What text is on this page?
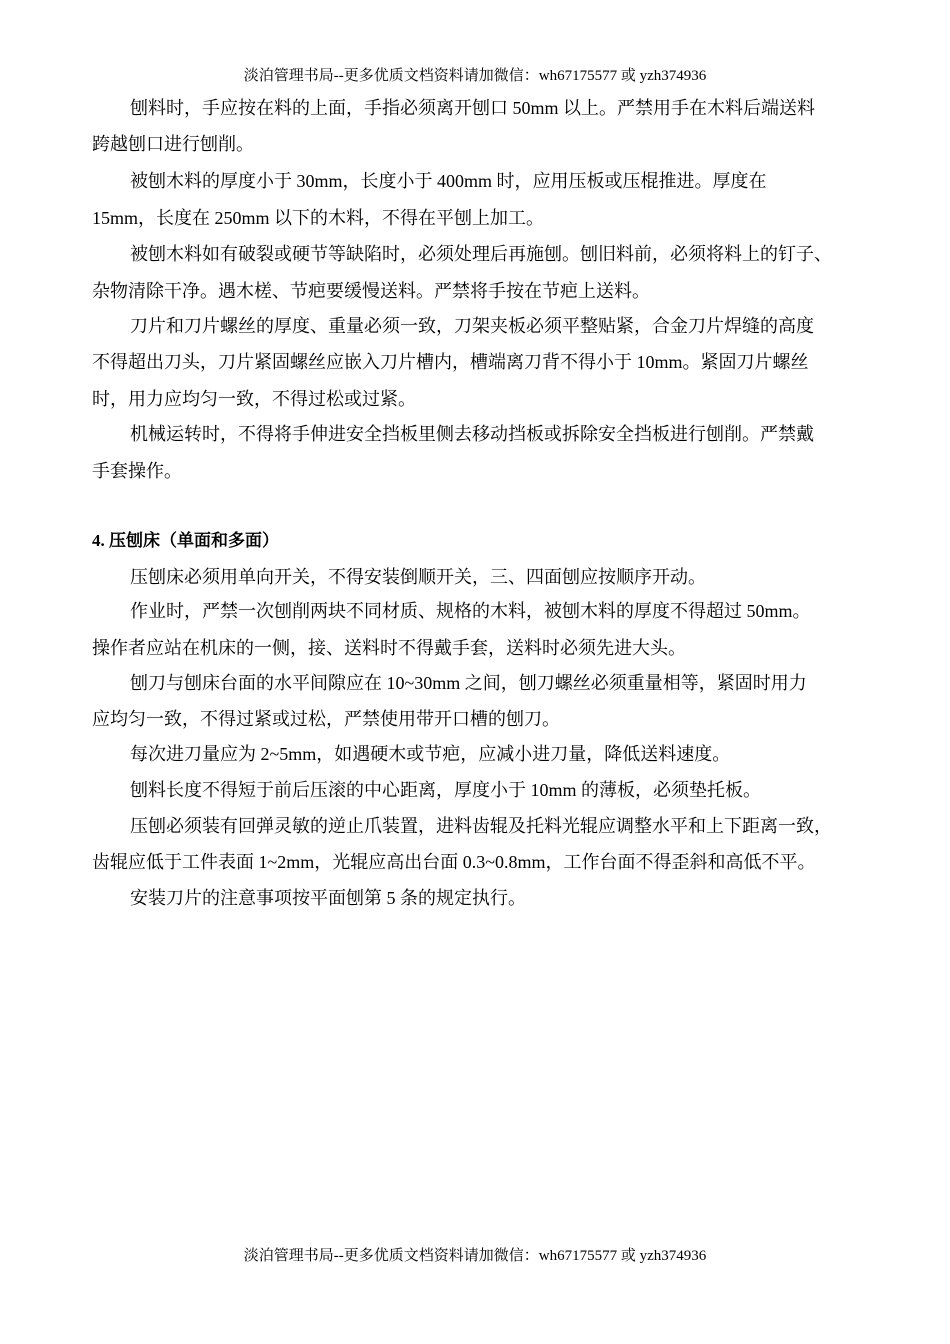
淡泊管理书局--更多优质文档资料请加微信：wh67175577 或 yzh374936
刨料时，手应按在料的上面，手指必须离开刨口 50mm 以上。严禁用手在木料后端送料
跨越刨口进行刨削。
被刨木料的厚度小于 30mm，长度小于 400mm 时，应用压板或压棍推进。厚度在
15mm，长度在 250mm 以下的木料，不得在平刨上加工。
被刨木料如有破裂或硬节等缺陷时，必须处理后再施刨。刨旧料前，必须将料上的钉子、
杂物清除干净。遇木槎、节疤要缓慢送料。严禁将手按在节疤上送料。
刀片和刀片螺丝的厚度、重量必须一致，刀架夹板必须平整贴紧，合金刀片焊缝的高度
不得超出刀头，刀片紧固螺丝应嵌入刀片槽内，槽端离刀背不得小于 10mm。紧固刀片螺丝
时，用力应均匀一致，不得过松或过紧。
机械运转时，不得将手伸进安全挡板里侧去移动挡板或拆除安全挡板进行刨削。严禁戴
手套操作。
4. 压刨床（单面和多面）
压刨床必须用单向开关，不得安装倒顺开关，三、四面刨应按顺序开动。
作业时，严禁一次刨削两块不同材质、规格的木料，被刨木料的厚度不得超过 50mm。
操作者应站在机床的一侧，接、送料时不得戴手套，送料时必须先进大头。
刨刀与刨床台面的水平间隙应在 10~30mm 之间，刨刀螺丝必须重量相等，紧固时用力
应均匀一致，不得过紧或过松，严禁使用带开口槽的刨刀。
每次进刀量应为 2~5mm，如遇硬木或节疤，应减小进刀量，降低送料速度。
刨料长度不得短于前后压滚的中心距离，厚度小于 10mm 的薄板，必须垫托板。
压刨必须装有回弹灵敏的逆止爪装置，进料齿辊及托料光辊应调整水平和上下距离一致，
齿辊应低于工件表面 1~2mm，光辊应高出台面 0.3~0.8mm，工作台面不得歪斜和高低不平。
安装刀片的注意事项按平面刨第 5 条的规定执行。
淡泊管理书局--更多优质文档资料请加微信：wh67175577 或 yzh374936
